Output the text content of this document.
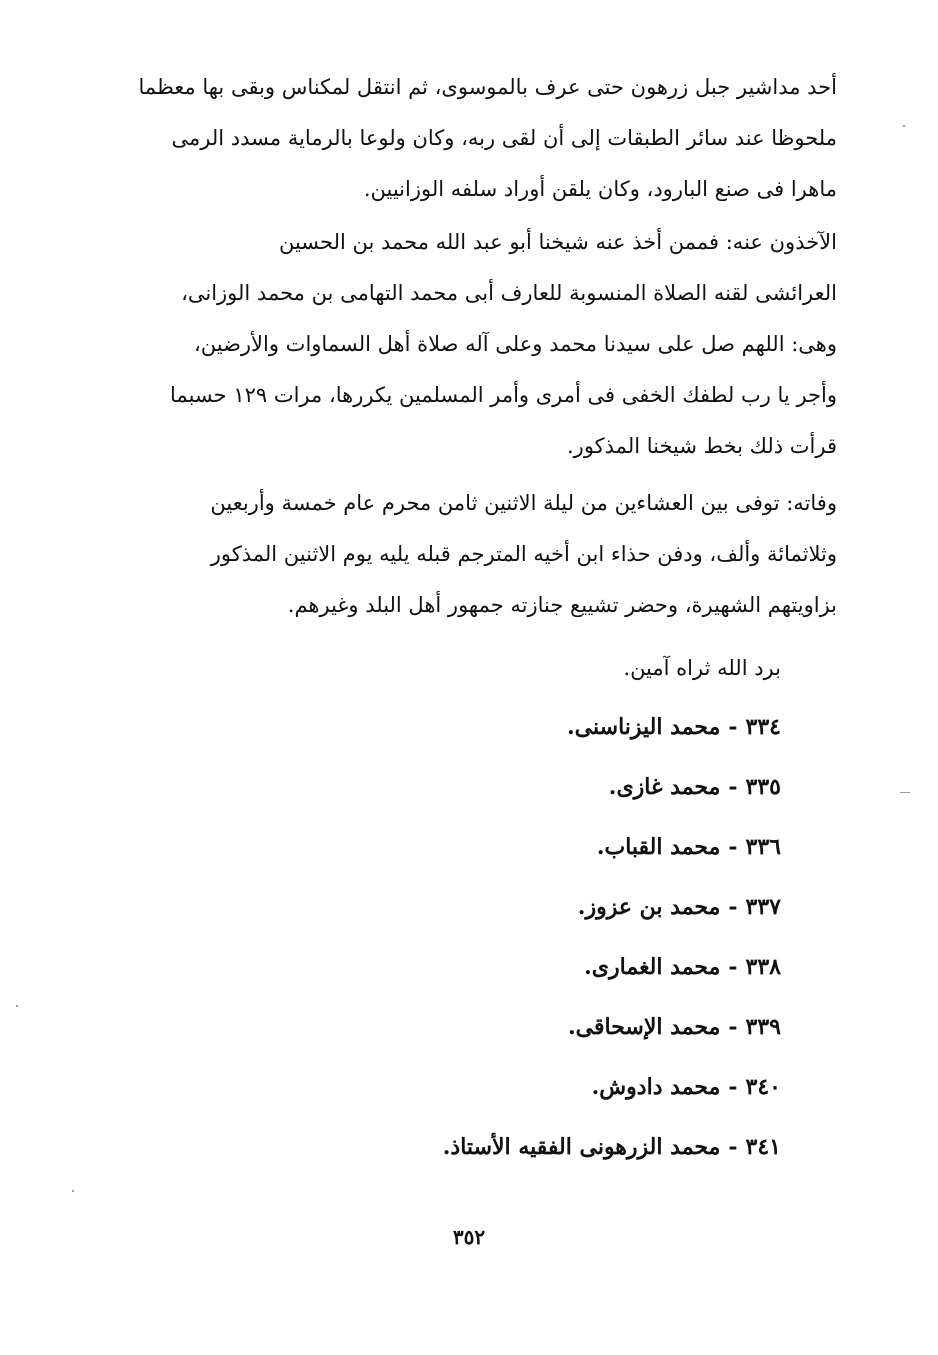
أحد مداشير جبل زرهون حتى عرف بالموسوى، ثم انتقل لمكناس وبقى بها معظما
ملحوظا عند سائر الطبقات إلى أن لقى ربه، وكان ولوعا بالرماية مسدد الرمى
ماهرا فى صنع البارود، وكان يلقن أوراد سلفه الوزانيين.
الآخذون عنه: فممن أخذ عنه شيخنا أبو عبد الله محمد بن الحسين
العرائشى لقنه الصلاة المنسوبة للعارف أبى محمد التهامى بن محمد الوزانى،
وهى: اللهم صل على سيدنا محمد وعلى آله صلاة أهل السماوات والأرضين،
وأجر يا رب لطفك الخفى فى أمرى وأمر المسلمين يكررها، مرات ١٢٩ حسبما
قرأت ذلك بخط شيخنا المذكور.
وفاته: توفى بين العشاءين من ليلة الاثنين ثامن محرم عام خمسة وأربعين
وثلاثمائة وألف، ودفن حذاء ابن أخيه المترجم قبله يليه يوم الاثنين المذكور
بزاويتهم الشهيرة، وحضر تشييع جنازته جمهور أهل البلد وغيرهم.
برد الله ثراه آمين.
٣٣٤-محمد اليزناسنى.
٣٣٥-محمد غازى.
٣٣٦-محمد القباب.
٣٣٧-محمد بن عزوز.
٣٣٨-محمد الغمارى.
٣٣٩-محمد الإسحاقى.
٣٤٠-محمد دادوش.
٣٤١-محمد الزرهونى الفقيه الأستاذ.
٣٥٢
